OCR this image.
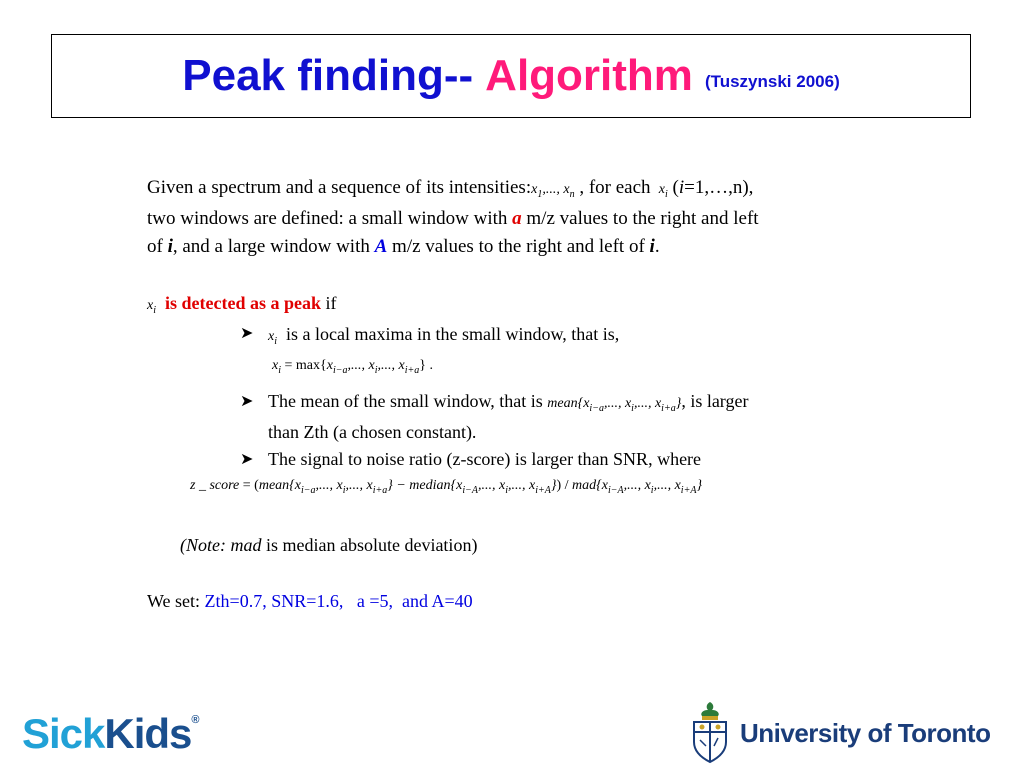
Peak finding-- Algorithm (Tuszynski 2006)
Given a spectrum and a sequence of its $intensities:x_1$,..., $x_n$ , for each  $x_i$ (i=1,…,n),
two windows are defined: a small window with a m/z values to the right and left
of i, and a large window with A m/z values to the right and left of i.
$x_i$ is detected as a peak if
➤ $x_i$ is a local maxima in the small window, that is,
$x_i = \max\{x_{i-a}$,..., $x_i$,..., $x_{i+a}$} .
➤ The mean of the small window, that is $mean\{x_{i-a}$,..., $x_i$,..., $x_{i+a}$}, is larger
than Zth (a chosen constant).
➤ The signal to noise ratio (z-score) is larger than SNR, where
z _ score = ($mean\{x_{i-a}$,..., $x_i$,..., $x_{i+a}$} − $median\{x_{i-A}$,..., $x_i$,..., $x_{i+A}\}) / mad\{x_{i-A}$,..., $x_i$,..., $x_{i+A}$}
(Note: mad is median absolute deviation)
We set: Zth=0.7, SNR=1.6,   a =5,  and A=40
SickKids®	University of Toronto
